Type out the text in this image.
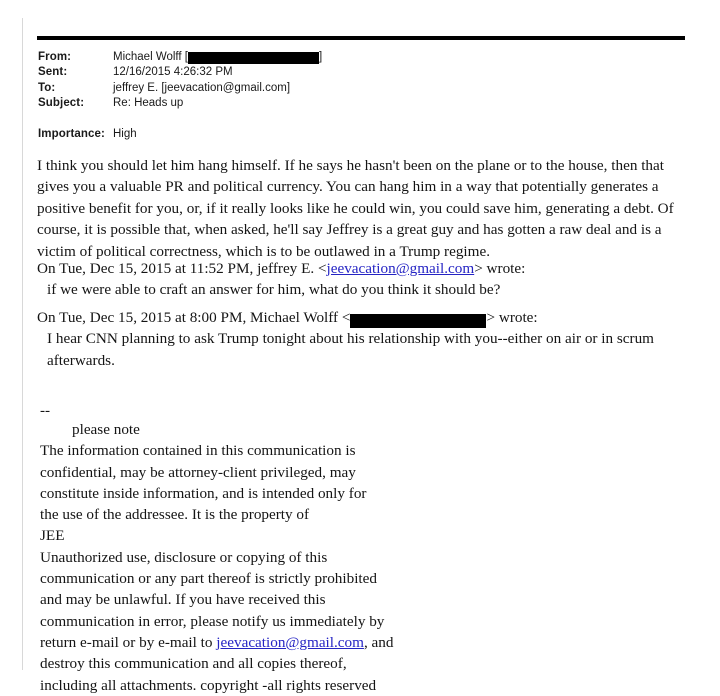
From:	Michael Wolff [	]
Sent:	12/16/2015 4:26:32 PM
To:	jeffrey E. [jeevacation@gmail.com]
Subject:	Re: Heads up
Importance: High
I think you should let him hang himself. If he says he hasn't been on the plane or to the house, then that gives you a valuable PR and political currency. You can hang him in a way that potentially generates a positive benefit for you, or, if it really looks like he could win, you could save him, generating a debt. Of course, it is possible that, when asked, he'll say Jeffrey is a great guy and has gotten a raw deal and is a victim of political correctness, which is to be outlawed in a Trump regime.
On Tue, Dec 15, 2015 at 11:52 PM, jeffrey E. <jeevacation@gmail.com> wrote:
if we were able to craft an answer for him, what do you think it should be?
On Tue, Dec 15, 2015 at 8:00 PM, Michael Wolff <	> wrote:
I hear CNN planning to ask Trump tonight about his relationship with you--either on air or in scrum afterwards.
--
please note
The information contained in this communication is
confidential, may be attorney-client privileged, may
constitute inside information, and is intended only for
the use of the addressee. It is the property of
JEE
Unauthorized use, disclosure or copying of this
communication or any part thereof is strictly prohibited
and may be unlawful. If you have received this
communication in error, please notify us immediately by
return e-mail or by e-mail to jeevacation@gmail.com, and
destroy this communication and all copies thereof,
including all attachments. copyright -all rights reserved
